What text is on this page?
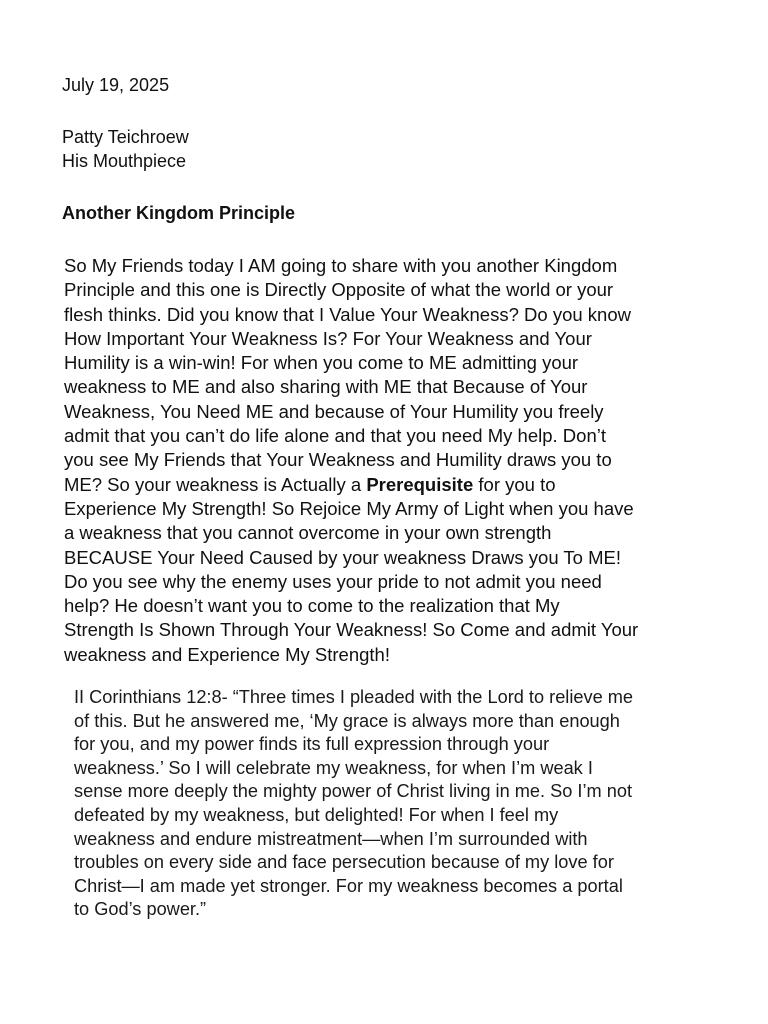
July 19, 2025
Patty Teichroew
His Mouthpiece
Another Kingdom Principle

So My Friends today I AM going to share with you another Kingdom
Principle and this one is Directly Opposite of what the world or your
flesh thinks. Did you know that I Value Your Weakness? Do you know
How Important Your Weakness Is? For Your Weakness and Your
Humility is a win-win! For when you come to ME admitting your
weakness to ME and also sharing with ME that Because of Your
Weakness, You Need ME and because of Your Humility you freely
admit that you can’t do life alone and that you need My help. Don’t
you see My Friends that Your Weakness and Humility draws you to
ME? So your weakness is Actually a Prerequisite for you to
Experience My Strength! So Rejoice My Army of Light when you have
a weakness that you cannot overcome in your own strength
BECAUSE Your Need Caused by your weakness Draws you To ME!
Do you see why the enemy uses your pride to not admit you need
help? He doesn’t want you to come to the realization that My
Strength Is Shown Through Your Weakness! So Come and admit Your
weakness and Experience My Strength!

II Corinthians 12:8- “Three times I pleaded with the Lord to relieve me
of this. But he answered me, ‘My grace is always more than enough
for you, and my power finds its full expression through your
weakness.’ So I will celebrate my weakness, for when I’m weak I
sense more deeply the mighty power of Christ living in me. So I’m not
defeated by my weakness, but delighted! For when I feel my
weakness and endure mistreatment—when I’m surrounded with
troubles on every side and face persecution because of my love for
Christ—I am made yet stronger. For my weakness becomes a portal
to God’s power.”
